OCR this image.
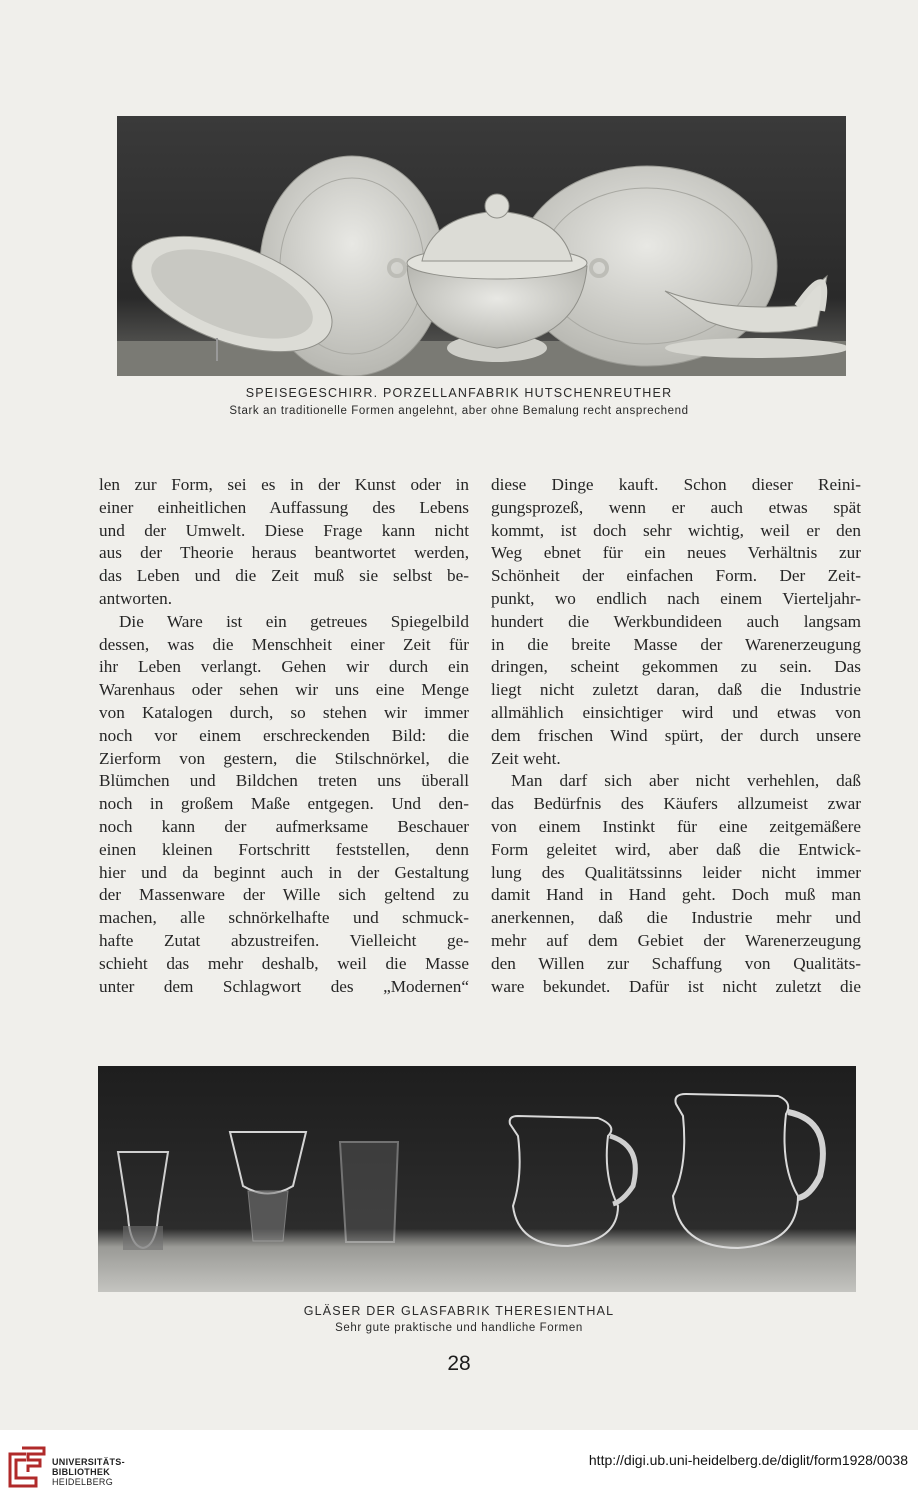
SPEISEGESCHIRR. PORZELLANFABRIK HUTSCHENREUTHER
Stark an traditionelle Formen angelehnt, aber ohne Bemalung recht ansprechend
len zur Form, sei es in der Kunst oder in
einer einheitlichen Auffassung des Lebens
und der Umwelt. Diese Frage kann nicht
aus der Theorie heraus beantwortet werden,
das Leben und die Zeit muß sie selbst be-
antworten.
Die Ware ist ein getreues Spiegelbild
dessen, was die Menschheit einer Zeit für
ihr Leben verlangt. Gehen wir durch ein
Warenhaus oder sehen wir uns eine Menge
von Katalogen durch, so stehen wir immer
noch vor einem erschreckenden Bild: die
Zierform von gestern, die Stilschnörkel, die
Blümchen und Bildchen treten uns überall
noch in großem Maße entgegen. Und den-
noch kann der aufmerksame Beschauer
einen kleinen Fortschritt feststellen, denn
hier und da beginnt auch in der Gestaltung
der Massenware der Wille sich geltend zu
machen, alle schnörkelhafte und schmuck-
hafte Zutat abzustreifen. Vielleicht ge-
schieht das mehr deshalb, weil die Masse
unter dem Schlagwort des „Modernen“
diese Dinge kauft. Schon dieser Reini-
gungsprozeß, wenn er auch etwas spät
kommt, ist doch sehr wichtig, weil er den
Weg ebnet für ein neues Verhältnis zur
Schönheit der einfachen Form. Der Zeit-
punkt, wo endlich nach einem Vierteljahr-
hundert die Werkbundideen auch langsam
in die breite Masse der Warenerzeugung
dringen, scheint gekommen zu sein. Das
liegt nicht zuletzt daran, daß die Industrie
allmählich einsichtiger wird und etwas von
dem frischen Wind spürt, der durch unsere
Zeit weht.
Man darf sich aber nicht verhehlen, daß
das Bedürfnis des Käufers allzumeist zwar
von einem Instinkt für eine zeitgemäßere
Form geleitet wird, aber daß die Entwick-
lung des Qualitätssinns leider nicht immer
damit Hand in Hand geht. Doch muß man
anerkennen, daß die Industrie mehr und
mehr auf dem Gebiet der Warenerzeugung
den Willen zur Schaffung von Qualitäts-
ware bekundet. Dafür ist nicht zuletzt die
GLÄSER DER GLASFABRIK THERESIENTHAL
Sehr gute praktische und handliche Formen
28
UNIVERSITÄTS-
BIBLIOTHEK
HEIDELBERG
http://digi.ub.uni-heidelberg.de/diglit/form1928/0038
